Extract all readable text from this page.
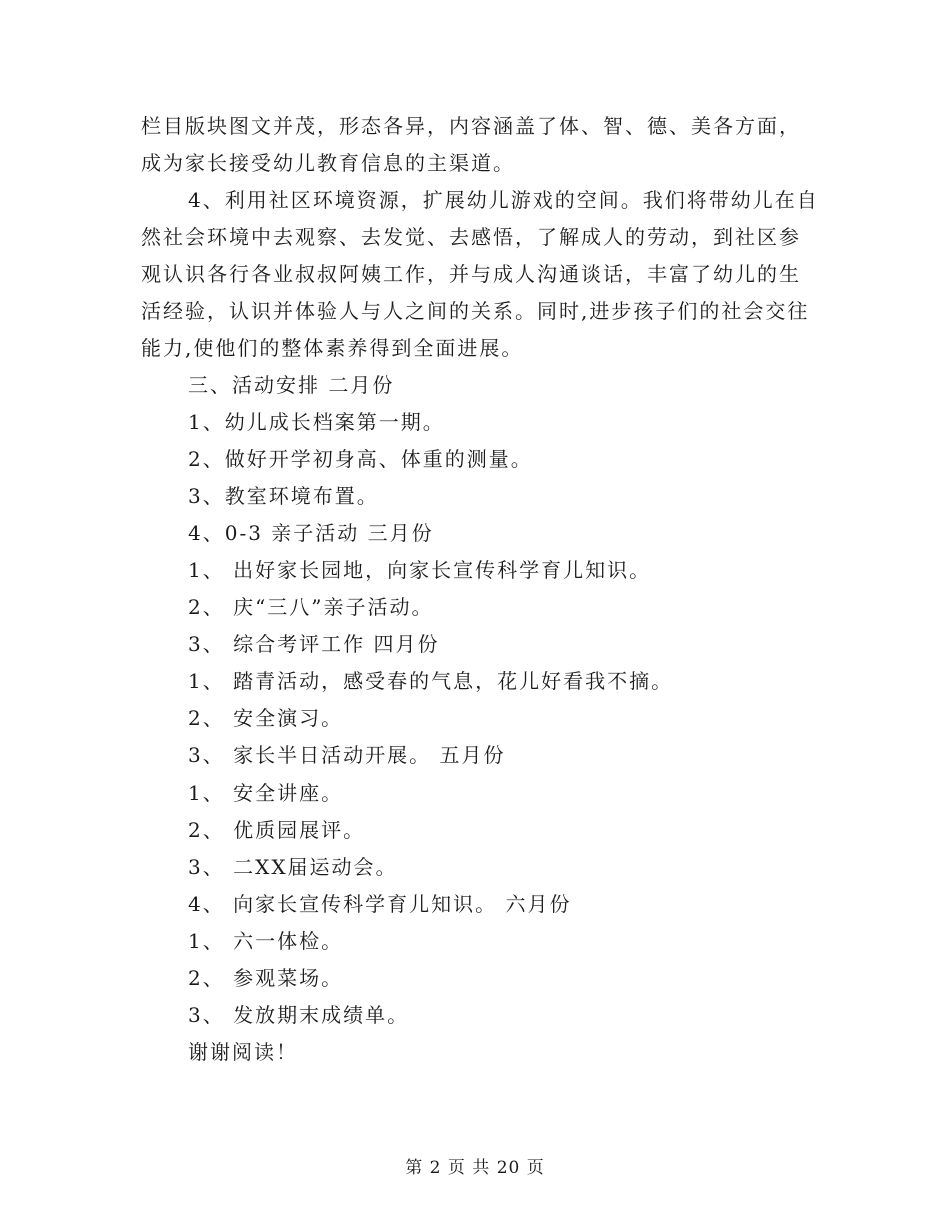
栏目版块图文并茂，形态各异，内容涵盖了体、智、德、美各方面，
成为家长接受幼儿教育信息的主渠道。
4、利用社区环境资源，扩展幼儿游戏的空间。我们将带幼儿在自
然社会环境中去观察、去发觉、去感悟，了解成人的劳动，到社区参
观认识各行各业叔叔阿姨工作，并与成人沟通谈话，丰富了幼儿的生
活经验，认识并体验人与人之间的关系。同时,进步孩子们的社会交往
能力,使他们的整体素养得到全面进展。
三、活动安排 二月份
1、幼儿成长档案第一期。
2、做好开学初身高、体重的测量。
3、教室环境布置。
4、0-3 亲子活动 三月份
1、 出好家长园地，向家长宣传科学育儿知识。
2、 庆“三八”亲子活动。
3、 综合考评工作 四月份
1、 踏青活动，感受春的气息，花儿好看我不摘。
2、 安全演习。
3、 家长半日活动开展。 五月份
1、 安全讲座。
2、 优质园展评。
3、 二XX届运动会。
4、 向家长宣传科学育儿知识。 六月份
1、 六一体检。
2、 参观菜场。
3、 发放期末成绩单。
谢谢阅读！
第 2 页 共 20 页
